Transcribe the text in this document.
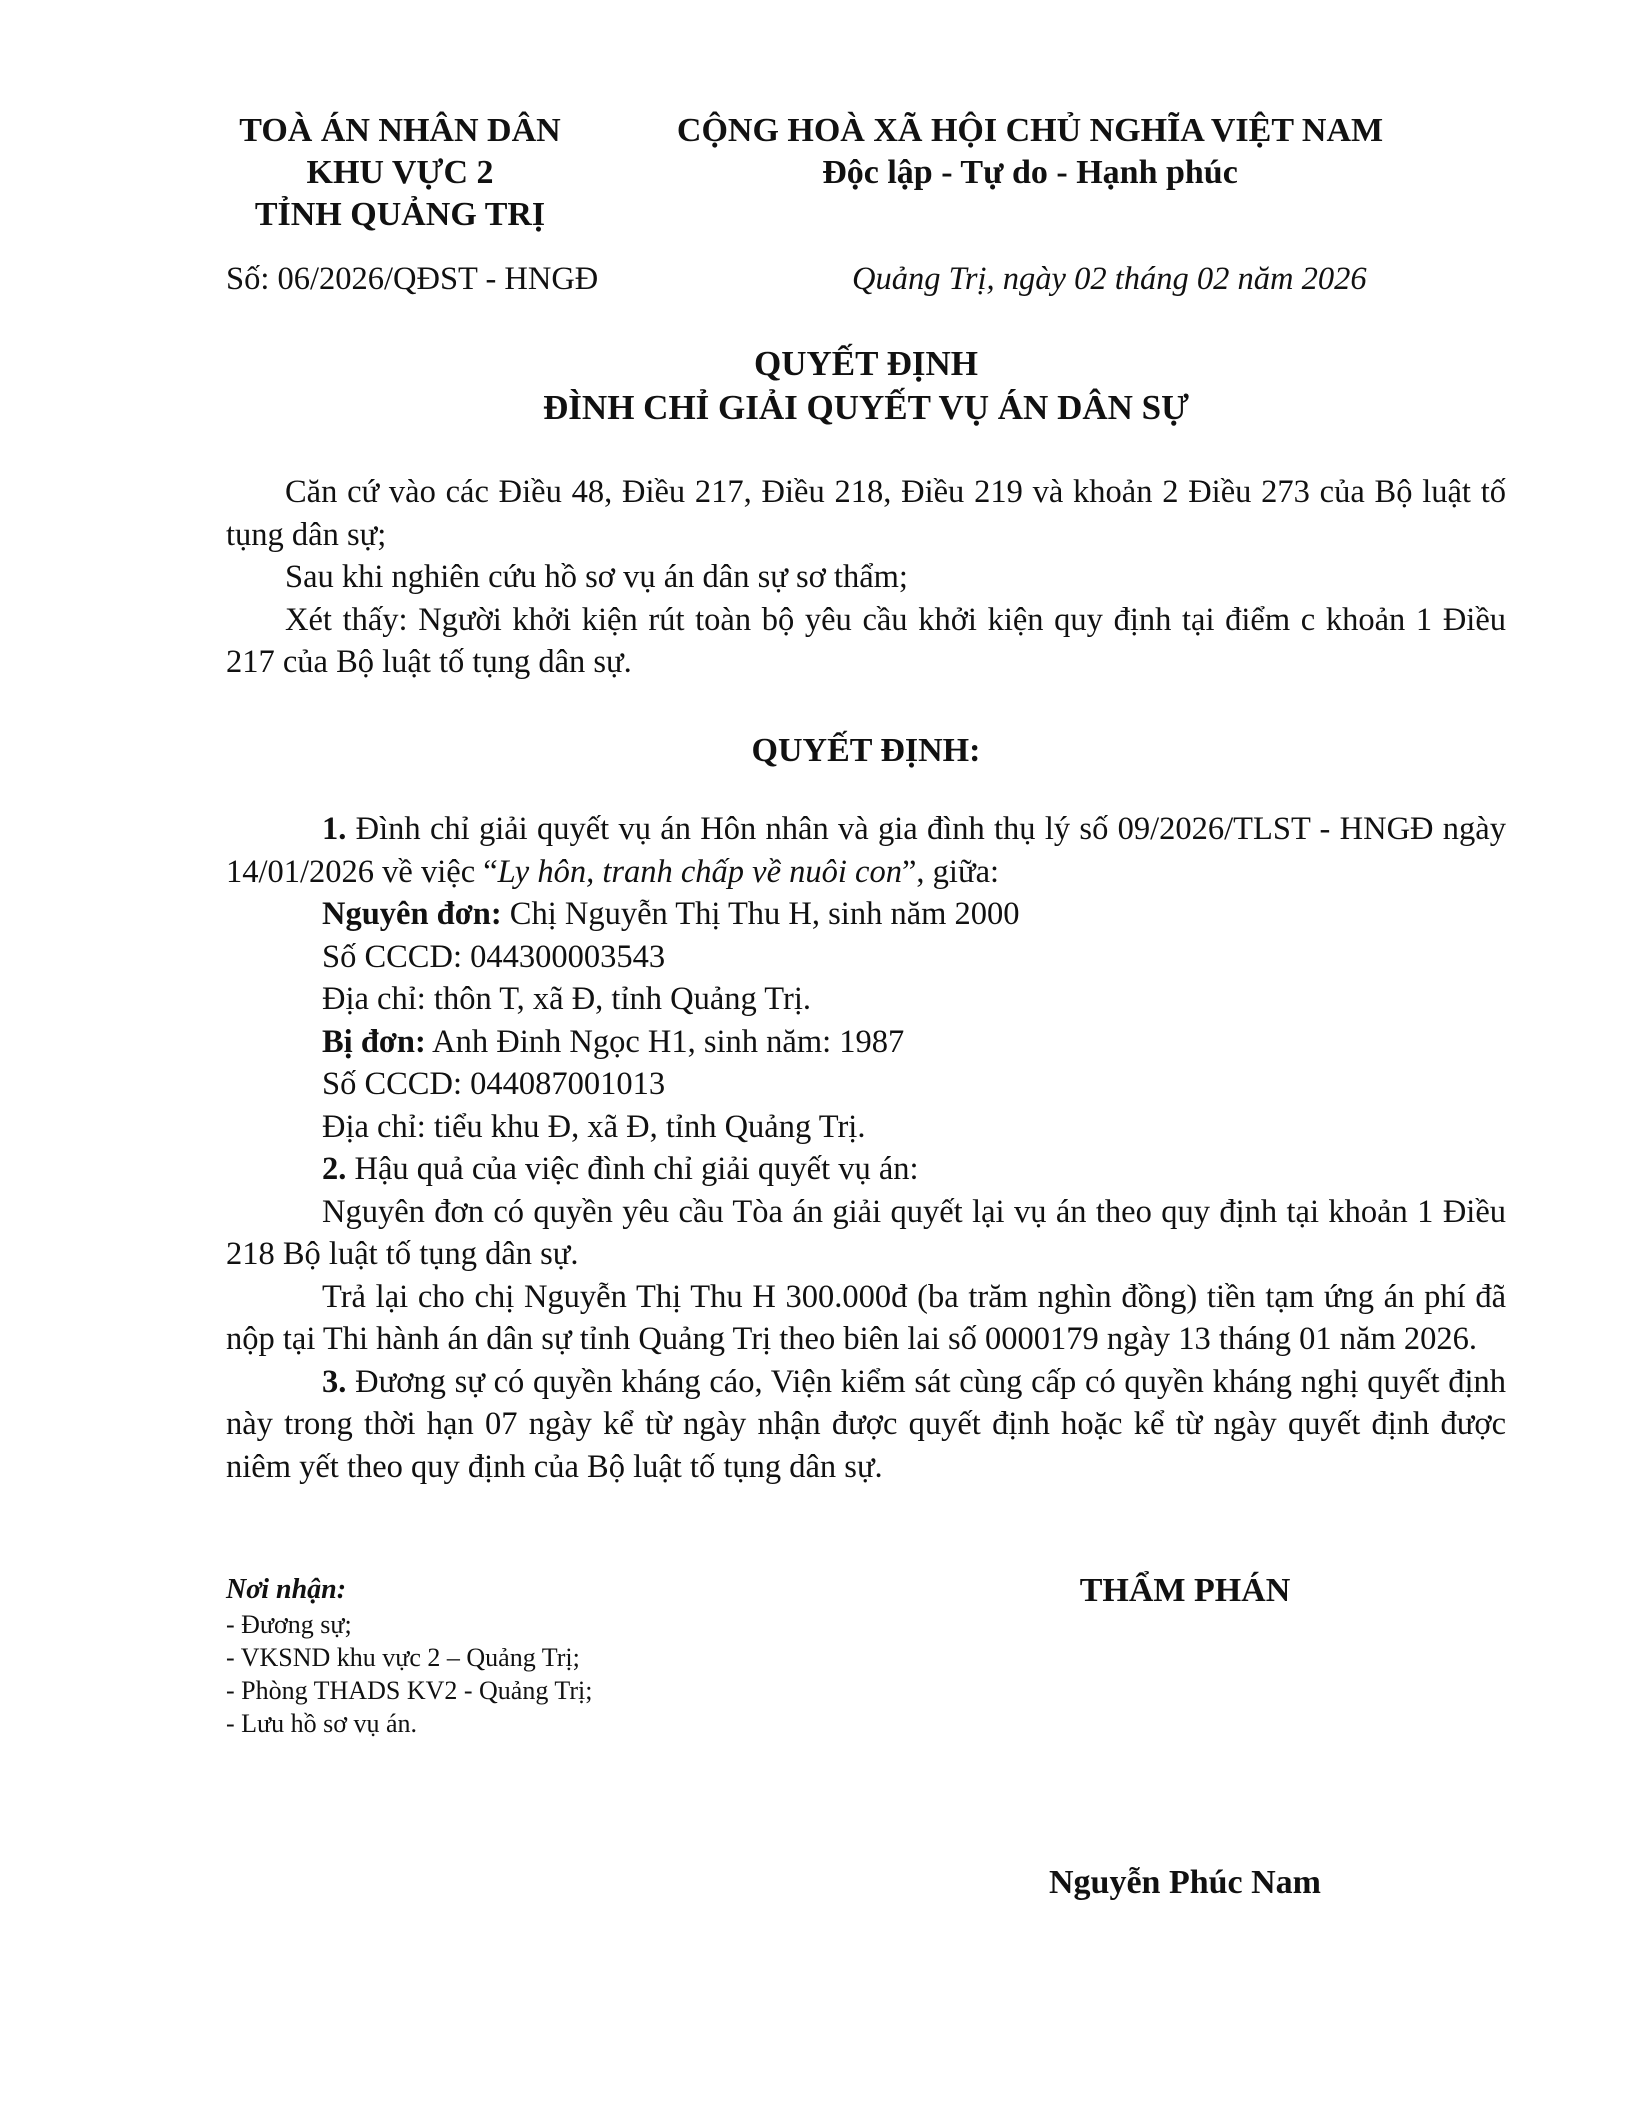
TOÀ ÁN NHÂN DÂN
KHU VỰC 2
TỈNH QUẢNG TRỊ
CỘNG HOÀ XÃ HỘI CHỦ NGHĨA VIỆT NAM
Độc lập - Tự do - Hạnh phúc
Số: 06/2026/QĐST - HNGĐ	Quảng Trị, ngày 02 tháng 02 năm 2026
QUYẾT ĐỊNH
ĐÌNH CHỈ GIẢI QUYẾT VỤ ÁN DÂN SỰ
Căn cứ vào các Điều 48, Điều 217, Điều 218, Điều 219 và khoản 2 Điều 273 của Bộ luật tố tụng dân sự;
Sau khi nghiên cứu hồ sơ vụ án dân sự sơ thẩm;
Xét thấy: Người khởi kiện rút toàn bộ yêu cầu khởi kiện quy định tại điểm c khoản 1 Điều 217 của Bộ luật tố tụng dân sự.
QUYẾT ĐỊNH:
1. Đình chỉ giải quyết vụ án Hôn nhân và gia đình thụ lý số 09/2026/TLST - HNGĐ ngày 14/01/2026 về việc “Ly hôn, tranh chấp về nuôi con”, giữa:
Nguyên đơn: Chị Nguyễn Thị Thu H, sinh năm 2000
Số CCCD: 044300003543
Địa chỉ: thôn T, xã Đ, tỉnh Quảng Trị.
Bị đơn: Anh Đinh Ngọc H1, sinh năm: 1987
Số CCCD: 044087001013
Địa chỉ: tiểu khu Đ, xã Đ, tỉnh Quảng Trị.
2. Hậu quả của việc đình chỉ giải quyết vụ án:
Nguyên đơn có quyền yêu cầu Tòa án giải quyết lại vụ án theo quy định tại khoản 1 Điều 218 Bộ luật tố tụng dân sự.
Trả lại cho chị Nguyễn Thị Thu H 300.000đ (ba trăm nghìn đồng) tiền tạm ứng án phí đã nộp tại Thi hành án dân sự tỉnh Quảng Trị theo biên lai số 0000179 ngày 13 tháng 01 năm 2026.
3. Đương sự có quyền kháng cáo, Viện kiểm sát cùng cấp có quyền kháng nghị quyết định này trong thời hạn 07 ngày kể từ ngày nhận được quyết định hoặc kể từ ngày quyết định được niêm yết theo quy định của Bộ luật tố tụng dân sự.
Nơi nhận:
- Đương sự;
- VKSND khu vực 2 – Quảng Trị;
- Phòng THADS KV2 - Quảng Trị;
- Lưu hồ sơ vụ án.
THẨM PHÁN
Nguyễn Phúc Nam
